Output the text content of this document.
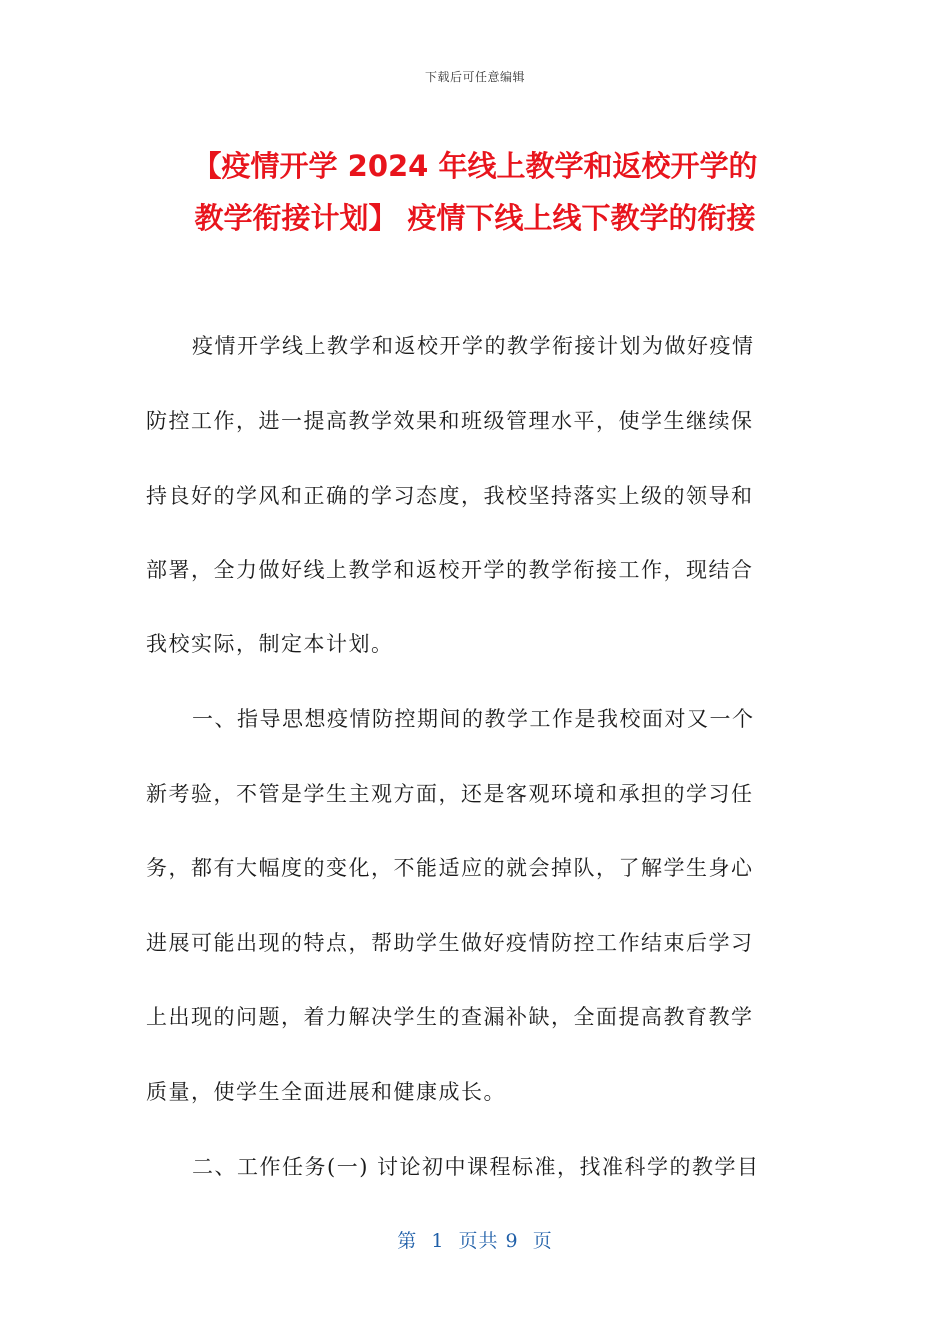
下载后可任意编辑
【疫情开学 2024 年线上教学和返校开学的
教学衔接计划】 疫情下线上线下教学的衔接
疫情开学线上教学和返校开学的教学衔接计划为做好疫情
防控工作，进一提高教学效果和班级管理水平，使学生继续保
持良好的学风和正确的学习态度，我校坚持落实上级的领导和
部署，全力做好线上教学和返校开学的教学衔接工作，现结合
我校实际，制定本计划。
一、指导思想疫情防控期间的教学工作是我校面对又一个
新考验，不管是学生主观方面，还是客观环境和承担的学习任
务，都有大幅度的变化，不能适应的就会掉队，了解学生身心
进展可能出现的特点，帮助学生做好疫情防控工作结束后学习
上出现的问题，着力解决学生的查漏补缺，全面提高教育教学
质量，使学生全面进展和健康成长。
二、工作任务(一) 讨论初中课程标准，找准科学的教学目
第  1  页共 9  页
